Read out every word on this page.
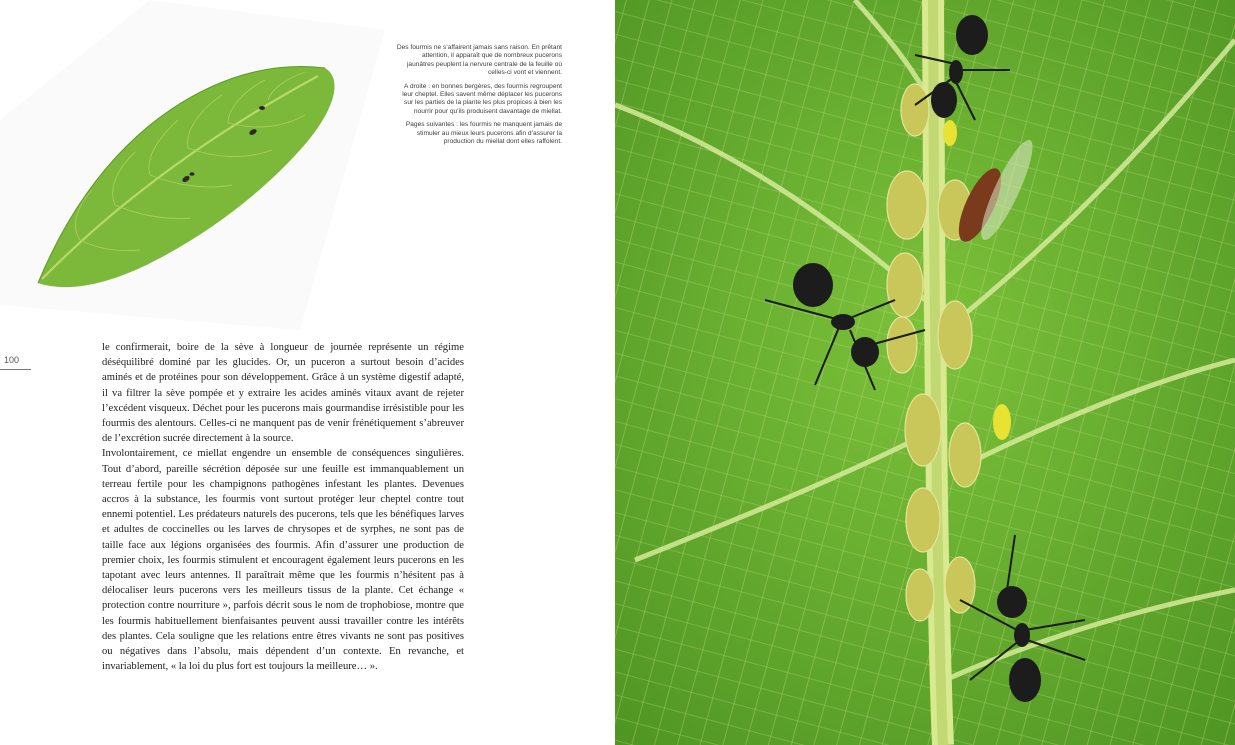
Des fourmis ne s’affairent jamais sans raison. En prêtant attention, il apparaît que de nombreux pucerons jaunâtres peuplent la nervure centrale de la feuille où celles-ci vont et viennent.

A droite : en bonnes bergères, des fourmis regroupent leur cheptel. Elles savent même déplacer les pucerons sur les parties de la plante les plus propices à bien les nourrir pour qu’ils produisent davantage de miellat.

Pages suivantes : les fourmis ne manquent jamais de stimuler au mieux leurs pucerons afin d’assurer la production du miellat dont elles raffolent.

100

le confirmerait, boire de la sève à longueur de journée représente un régime déséquilibré dominé par les glucides. Or, un puceron a surtout besoin d’acides aminés et de protéines pour son développement. Grâce à un système digestif adapté, il va filtrer la sève pompée et y extraire les acides aminés vitaux avant de rejeter l’excédent visqueux. Déchet pour les pucerons mais gourmandise irrésistible pour les fourmis des alentours. Celles-ci ne manquent pas de venir frénétiquement s’abreuver de l’excrétion sucrée directement à la source.

Involontairement, ce miellat engendre un ensemble de conséquences singulières. Tout d’abord, pareille sécrétion déposée sur une feuille est immanquablement un terreau fertile pour les champignons pathogènes infestant les plantes. Devenues accros à la substance, les fourmis vont surtout protéger leur cheptel contre tout ennemi potentiel. Les prédateurs naturels des pucerons, tels que les bénéfiques larves et adultes de coccinelles ou les larves de chrysopes et de syrphes, ne sont pas de taille face aux légions organisées des fourmis. Afin d’assurer une production de premier choix, les fourmis stimulent et encouragent également leurs pucerons en les tapotant avec leurs antennes. Il paraîtrait même que les fourmis n’hésitent pas à délocaliser leurs pucerons vers les meilleurs tissus de la plante. Cet échange « protection contre nourriture », parfois décrit sous le nom de trophobiose, montre que les fourmis habituellement bienfaisantes peuvent aussi travailler contre les intérêts des plantes. Cela souligne que les relations entre êtres vivants ne sont pas positives ou négatives dans l’absolu, mais dépendent d’un contexte. En revanche, et invariablement, « la loi du plus fort est toujours la meilleure… ».
